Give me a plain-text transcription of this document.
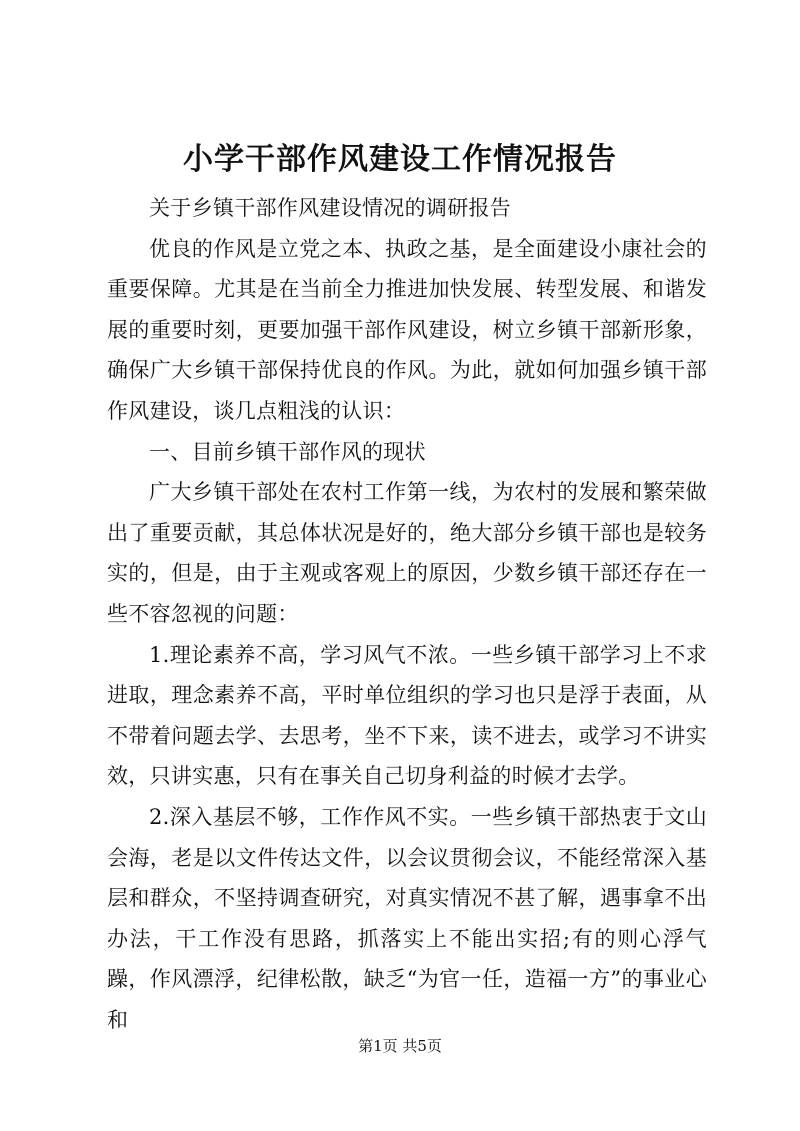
小学干部作风建设工作情况报告

关于乡镇干部作风建设情况的调研报告

优良的作风是立党之本、执政之基，是全面建设小康社会的重要保障。尤其是在当前全力推进加快发展、转型发展、和谐发展的重要时刻，更要加强干部作风建设，树立乡镇干部新形象，确保广大乡镇干部保持优良的作风。为此，就如何加强乡镇干部作风建设，谈几点粗浅的认识：

一、目前乡镇干部作风的现状

广大乡镇干部处在农村工作第一线，为农村的发展和繁荣做出了重要贡献，其总体状况是好的，绝大部分乡镇干部也是较务实的，但是，由于主观或客观上的原因，少数乡镇干部还存在一些不容忽视的问题：

1.理论素养不高，学习风气不浓。一些乡镇干部学习上不求进取，理念素养不高，平时单位组织的学习也只是浮于表面，从不带着问题去学、去思考，坐不下来，读不进去，或学习不讲实效，只讲实惠，只有在事关自己切身利益的时候才去学。

2.深入基层不够，工作作风不实。一些乡镇干部热衷于文山会海，老是以文件传达文件，以会议贯彻会议，不能经常深入基层和群众，不坚持调查研究，对真实情况不甚了解，遇事拿不出办法，干工作没有思路，抓落实上不能出实招;有的则心浮气躁，作风漂浮，纪律松散，缺乏“为官一任，造福一方”的事业心和

第1页 共5页
